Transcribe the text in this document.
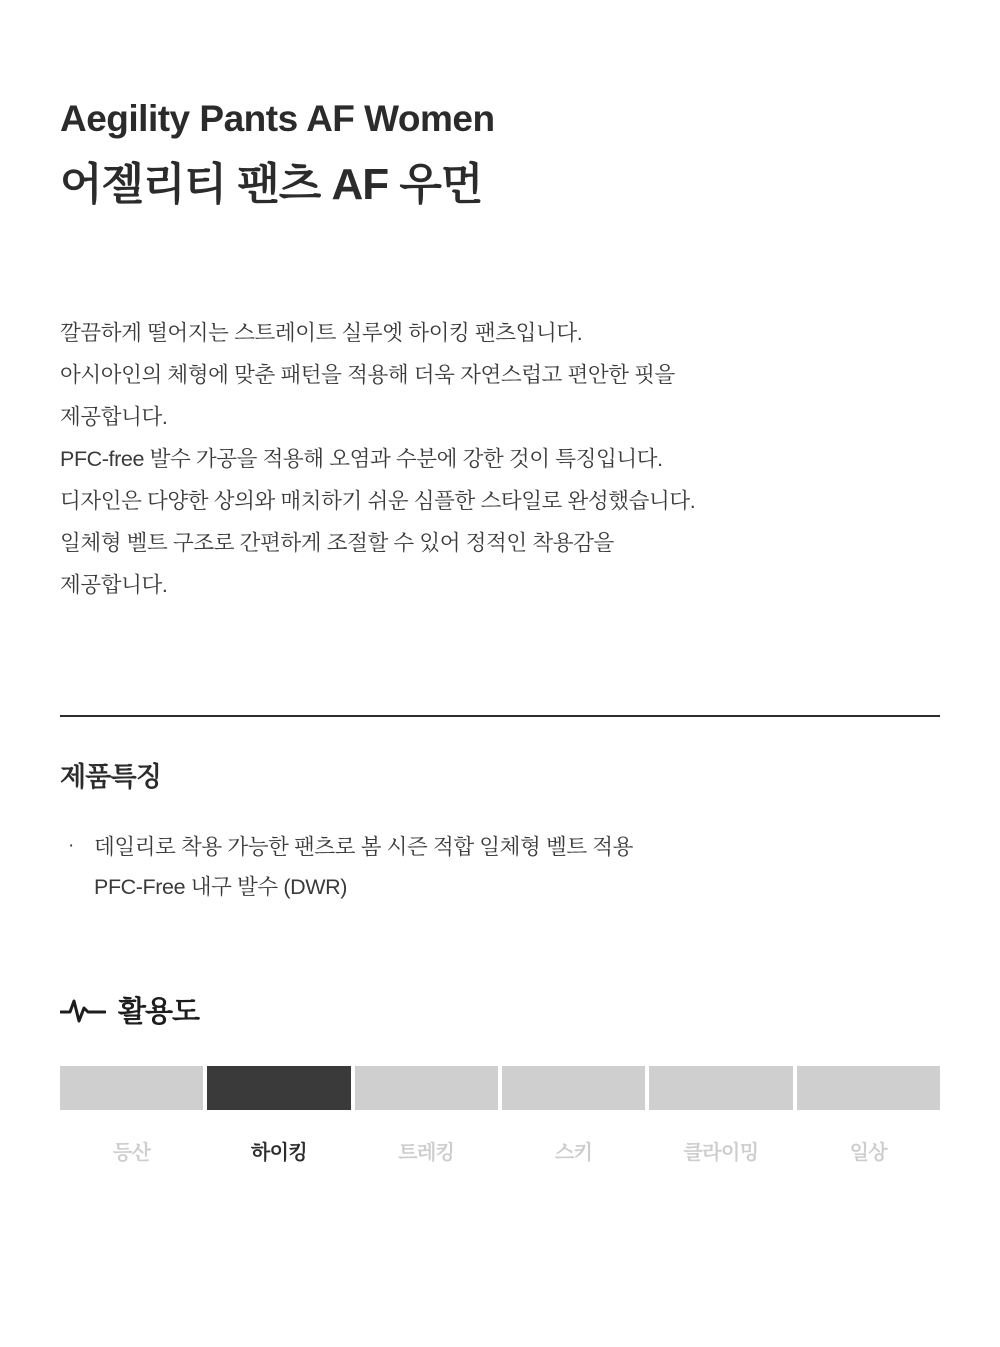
Aegility Pants AF Women
어젤리티 팬츠 AF 우먼
깔끔하게 떨어지는 스트레이트 실루엣 하이킹 팬츠입니다.
아시아인의 체형에 맞춘 패턴을 적용해 더욱 자연스럽고 편안한 핏을
제공합니다.
PFC-free 발수 가공을 적용해 오염과 수분에 강한 것이 특징입니다.
디자인은 다양한 상의와 매치하기 쉬운 심플한 스타일로 완성했습니다.
일체형 벨트 구조로 간편하게 조절할 수 있어 정적인 착용감을
제공합니다.
제품특징
· 데일리로 착용 가능한 팬츠로 봄 시즌 적합 일체형 벨트 적용
PFC-Free 내구 발수 (DWR)
활용도
등산	하이킹	트레킹	스키	클라이밍	일상
